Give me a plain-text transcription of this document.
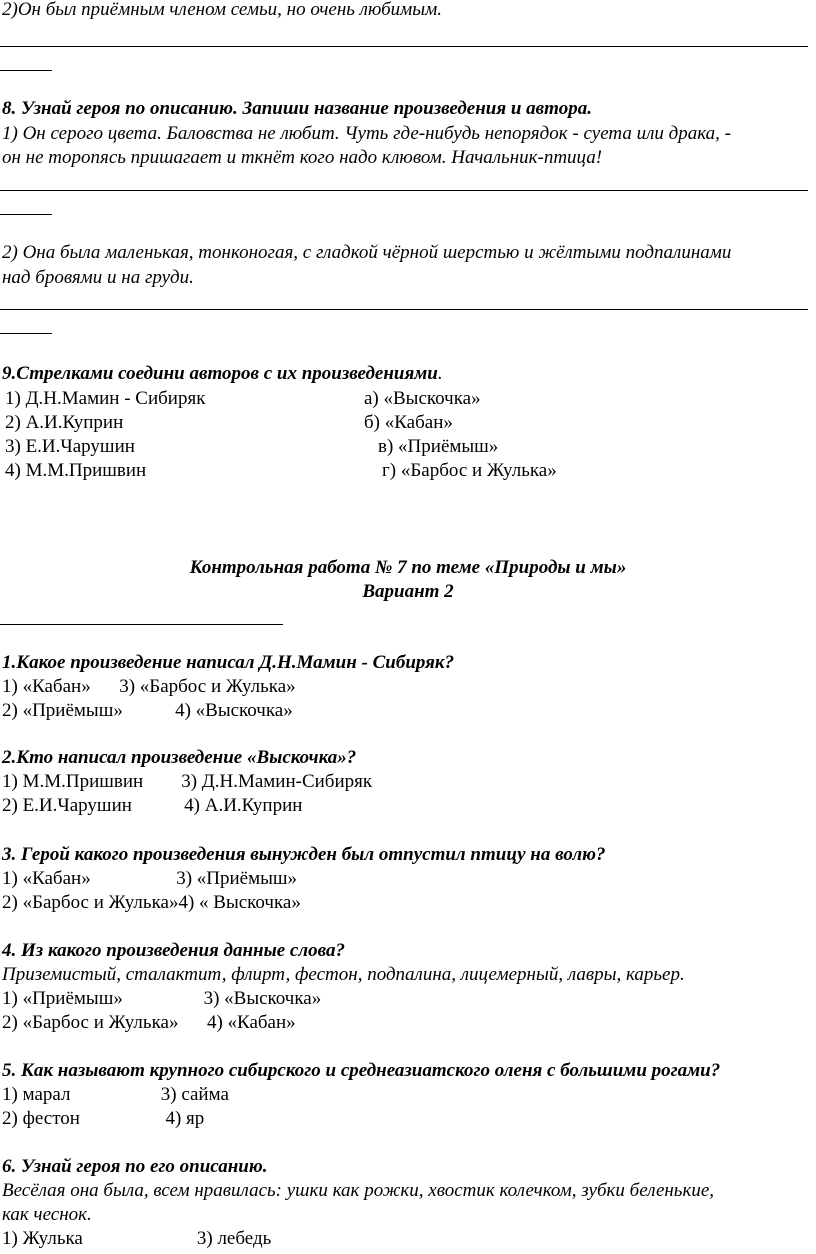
2)Он был приёмным членом семьи, но очень любимым.
8. Узнай героя по описанию. Запиши название произведения и автора.
1) Он серого цвета. Баловства не любит. Чуть где-нибудь непорядок - суета или драка, -
он не торопясь пришагает и ткнёт кого надо клювом. Начальник-птица!
2) Она была маленькая, тонконогая, с гладкой чёрной шерстью и жёлтыми подпалинами
над бровями и на груди.
9.Стрелками соедини авторов с их произведениями.
1) Д.Н.Мамин - Сибиряк
2) А.И.Куприн
3) Е.И.Чарушин
4) М.М.Пришвин
а) «Выскочка»
б) «Кабан»
в) «Приёмыш»
г) «Барбос и Жулька»
Контрольная работа № 7 по теме «Природы и мы»
Вариант 2
1.Какое произведение написал Д.Н.Мамин - Сибиряк?
1) «Кабан»      3) «Барбос и Жулька»
2) «Приёмыш»           4) «Выскочка»
2.Кто написал произведение «Выскочка»?
1) М.М.Пришвин        3) Д.Н.Мамин-Сибиряк
2) Е.И.Чарушин           4) А.И.Куприн
3. Герой какого произведения вынужден был отпустил птицу на волю?
1) «Кабан»                  3) «Приёмыш»
2) «Барбос и Жулька»4) « Выскочка»
4. Из какого произведения данные слова?
Приземистый, сталактит, флирт, фестон, подпалина, лицемерный, лавры, карьер.
1) «Приёмыш»                 3) «Выскочка»
2) «Барбос и Жулька»      4) «Кабан»
5. Как называют крупного сибирского и среднеазиатского оленя с большими рогами?
1) марал                   3) сайма
2) фестон                  4) яр
6. Узнай героя по его описанию.
Весёлая она была, всем нравилась: ушки как рожки, хвостик колечком, зубки беленькие,
как чеснок.
1) Жулька                        3) лебедь
